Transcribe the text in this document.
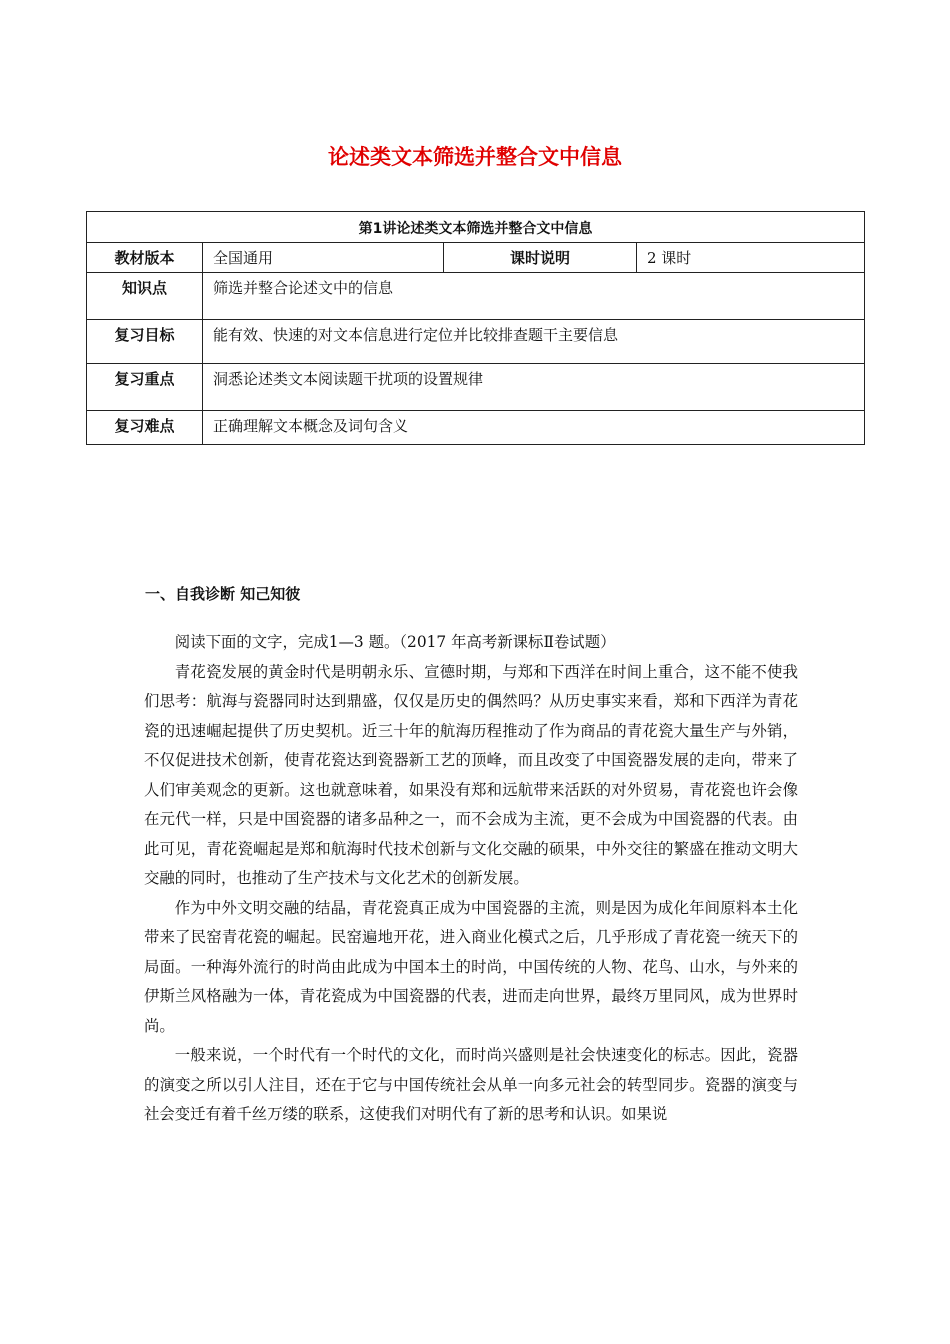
论述类文本筛选并整合文中信息
第1讲论述类文本筛选并整合文中信息			
教材版本	全国通用	课时说明	2 课时
知识点	筛选并整合论述文中的信息		
复习目标	能有效、快速的对文本信息进行定位并比较排查题干主要信息		
复习重点	洞悉论述类文本阅读题干扰项的设置规律		
复习难点	正确理解文本概念及词句含义		
一、自我诊断 知己知彼

阅读下面的文字，完成1—3 题。（2017 年高考新课标Ⅱ卷试题）

青花瓷发展的黄金时代是明朝永乐、宣德时期，与郑和下西洋在时间上重合，这不能不使我们思考：航海与瓷器同时达到鼎盛，仅仅是历史的偶然吗？从历史事实来看，郑和下西洋为青花瓷的迅速崛起提供了历史契机。近三十年的航海历程推动了作为商品的青花瓷大量生产与外销，不仅促进技术创新，使青花瓷达到瓷器新工艺的顶峰，而且改变了中国瓷器发展的走向，带来了人们审美观念的更新。这也就意味着，如果没有郑和远航带来活跃的对外贸易，青花瓷也许会像在元代一样，只是中国瓷器的诸多品种之一，而不会成为主流，更不会成为中国瓷器的代表。由此可见，青花瓷崛起是郑和航海时代技术创新与文化交融的硕果，中外交往的繁盛在推动文明大交融的同时，也推动了生产技术与文化艺术的创新发展。

作为中外文明交融的结晶，青花瓷真正成为中国瓷器的主流，则是因为成化年间原料本土化带来了民窑青花瓷的崛起。民窑遍地开花，进入商业化模式之后，几乎形成了青花瓷一统天下的局面。一种海外流行的时尚由此成为中国本土的时尚，中国传统的人物、花鸟、山水，与外来的伊斯兰风格融为一体，青花瓷成为中国瓷器的代表，进而走向世界，最终万里同风，成为世界时尚。

一般来说，一个时代有一个时代的文化，而时尚兴盛则是社会快速变化的标志。因此，瓷器的演变之所以引人注目，还在于它与中国传统社会从单一向多元社会的转型同步。瓷器的演变与社会变迁有着千丝万缕的联系，这使我们对明代有了新的思考和认识。如果说
